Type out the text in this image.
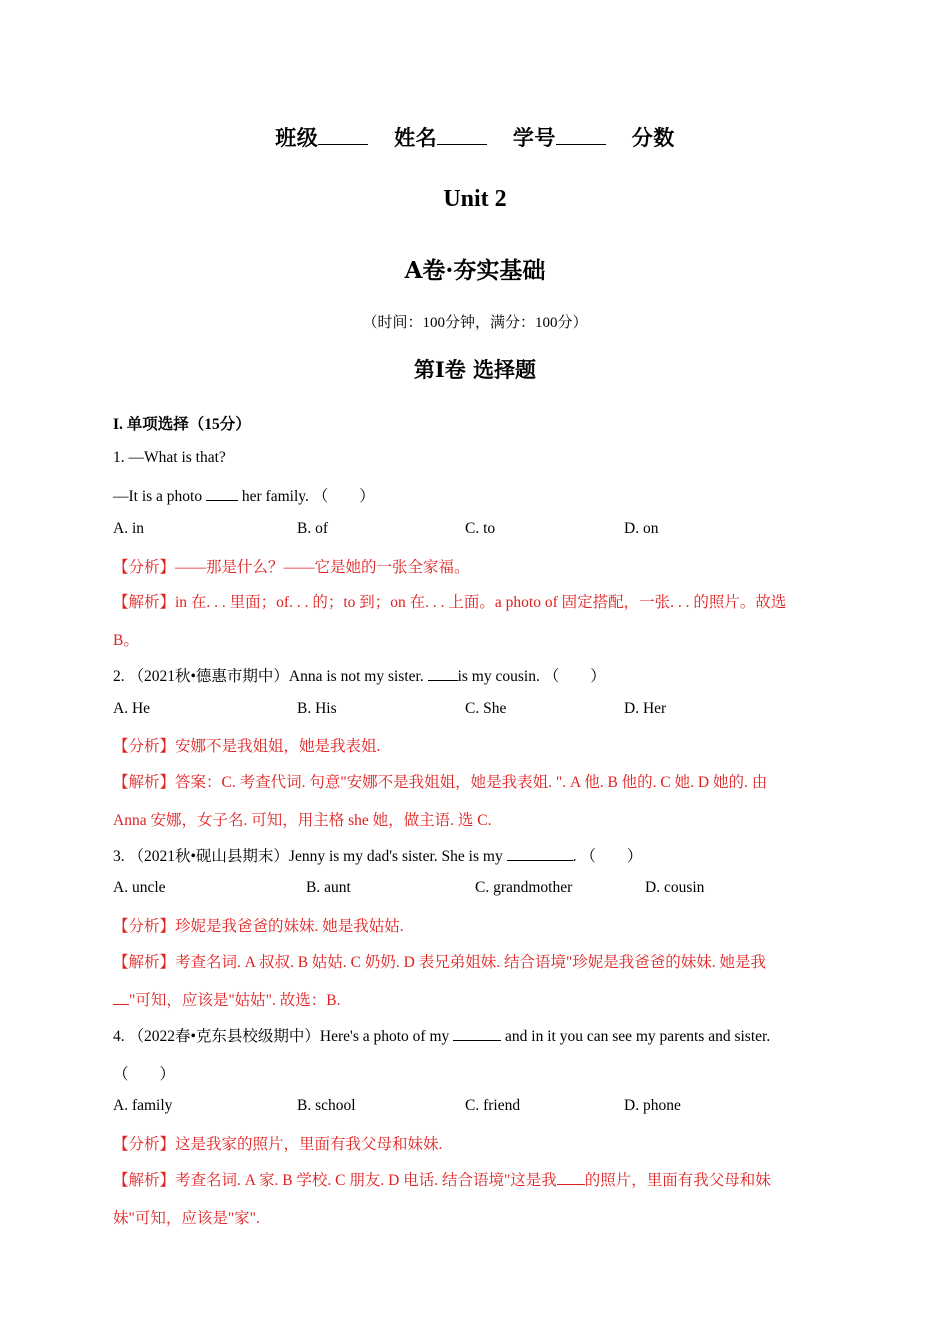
班级	姓名	学号	分数
Unit 2
A卷·夯实基础
（时间：100分钟，满分：100分）
第I卷 选择题
I. 单项选择（15分）
1. —What is that?
—It is a photo	her family. （　　）
A. in	B. of	C. to	D. on
【分析】——那是什么？——它是她的一张全家福。
【解析】in 在. . . 里面；of. . . 的；to 到；on 在. . . 上面。a photo of 固定搭配，一张. . . 的照片。故选
B。
2. （2021秋•德惠市期中）Anna is not my sister. is my cousin. （　　）
A. He	B. His	C. She	D. Her
【分析】安娜不是我姐姐，她是我表姐.
【解析】答案：C. 考查代词. 句意"安娜不是我姐姐，她是我表姐. ". A 他. B 他的. C 她. D 她的. 由
Anna 安娜，女子名. 可知，用主格 she 她，做主语. 选 C.
3. （2021秋•砚山县期末）Jenny is my dad's sister. She is my	. （　　）
A. uncle	B. aunt	C. grandmother	D. cousin
【分析】珍妮是我爸爸的妹妹. 她是我姑姑.
【解析】考查名词. A 叔叔. B 姑姑. C 奶奶. D 表兄弟姐妹. 结合语境"珍妮是我爸爸的妹妹. 她是我
"可知，应该是"姑姑". 故选：B.
4. （2022春•克东县校级期中）Here's a photo of my	and in it you can see my parents and sister.
（　　）
A. family	B. school	C. friend	D. phone
【分析】这是我家的照片，里面有我父母和妹妹.
【解析】考查名词. A 家. B 学校. C 朋友. D 电话. 结合语境"这是我 的照片，里面有我父母和妹
妹"可知，应该是"家".
